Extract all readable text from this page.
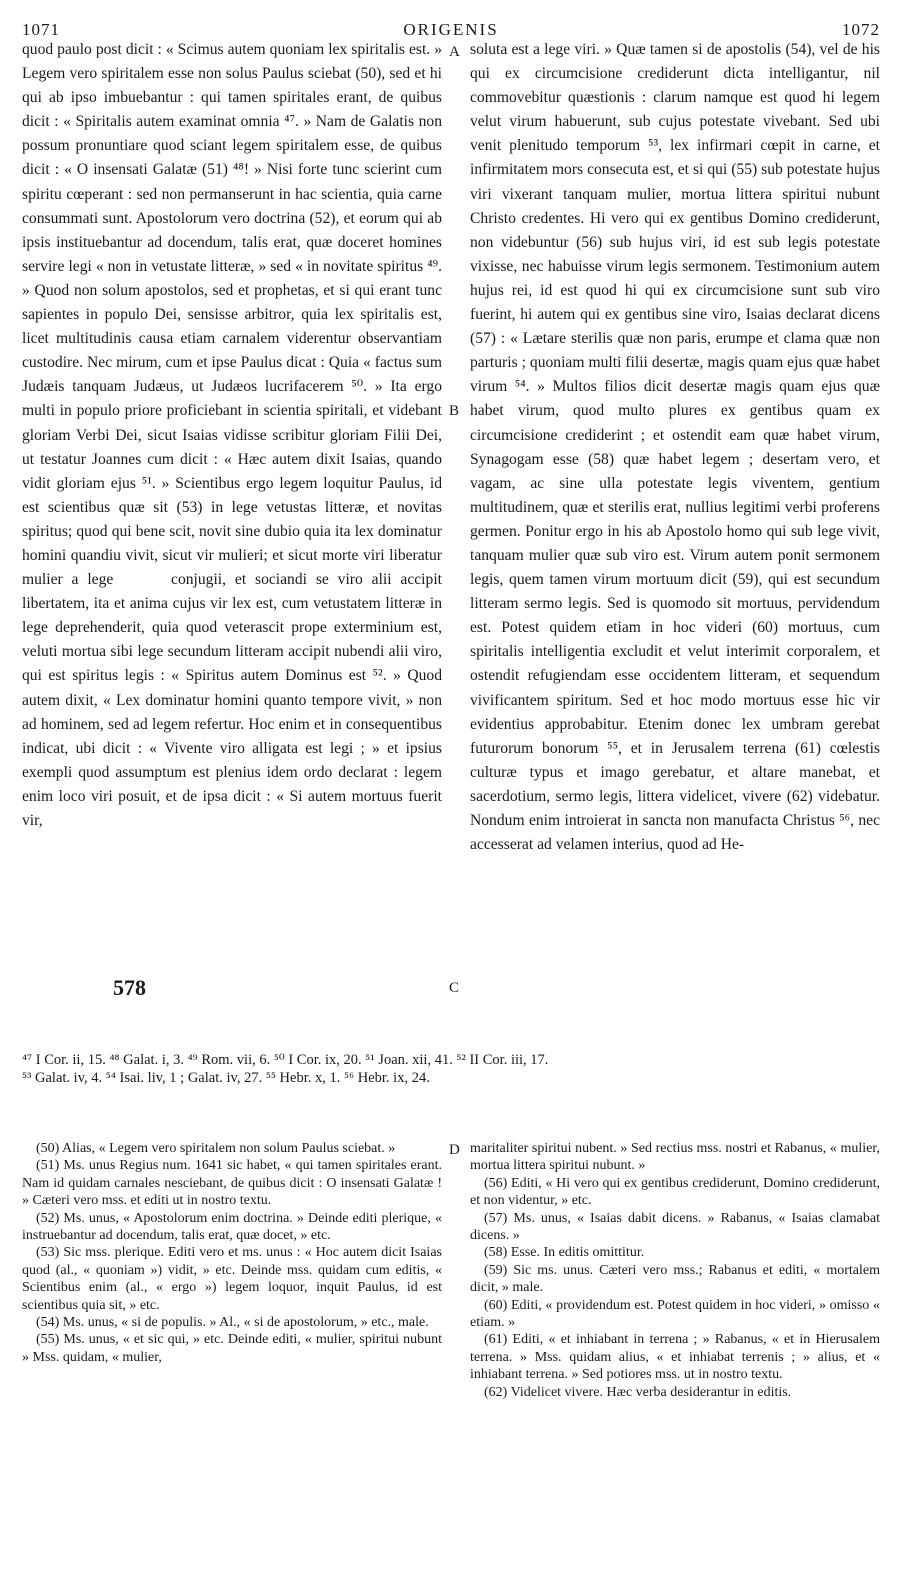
1071	ORIGENIS	1072
quod paulo post dicit : « Scimus autem quoniam lex spiritalis est. » Legem vero spiritalem esse non solus Paulus sciebat (50), sed et hi qui ab ipso imbuebantur : qui tamen spiritales erant, de quibus dicit : « Spiritalis autem examinat omnia ⁴⁷. » Nam de Galatis non possum pronuntiare quod sciant legem spiritalem esse, de quibus dicit : « O insensati Galatæ (51) ⁴⁸! » Nisi forte tunc scierint cum spiritu cœperant : sed non permanserunt in hac scientia, quia carne consummati sunt. Apostolorum vero doctrina (52), et eorum qui ab ipsis instituebantur ad docendum, talis erat, quæ doceret homines servire legi « non in vetustate litteræ, » sed « in novitate spiritus ⁴⁹. » Quod non solum apostolos, sed et prophetas, et si qui erant tunc sapientes in populo Dei, sensisse arbitror, quia lex spiritalis est, licet multitudinis causa etiam carnalem viderentur observantiam custodire. Nec mirum, cum et ipse Paulus dicat : Quia « factus sum Judæis tanquam Judæus, ut Judæos lucrifacerem ⁵⁰. » Ita ergo multi in populo priore proficiebant in scientia spiritali, et videbant gloriam Verbi Dei, sicut Isaias vidisse scribitur gloriam Filii Dei, ut testatur Joannes cum dicit : « Hæc autem dixit Isaias, quando vidit gloriam ejus ⁵¹. » Scientibus ergo legem loquitur Paulus, id est scientibus quæ sit (53) in lege vetustas litteræ, et novitas spiritus; quod qui bene scit, novit sine dubio quia ita lex dominatur homini quandiu vivit, sicut vir mulieri; et sicut morte viri liberatur mulier a lege	conjugii, et sociandi se viro alii accipit libertatem, ita et anima cujus vir lex est, cum vetustatem litteræ in lege deprehenderit, quia quod veterascit prope exterminium est, veluti mortua sibi lege secundum litteram accipit nubendi alii viro, qui est spiritus legis : « Spiritus autem Dominus est ⁵². » Quod autem dixit, « Lex dominatur homini quanto tempore vivit, » non ad hominem, sed ad legem refertur. Hoc enim et in consequentibus indicat, ubi dicit : « Vivente viro alligata est legi ; » et ipsius exempli quod assumptum est plenius idem ordo declarat : legem enim loco viri posuit, et de ipsa dicit : « Si autem mortuus fuerit vir,
578
soluta est a lege viri. » Quæ tamen si de apostolis (54), vel de his qui ex circumcisione crediderunt dicta intelligantur, nil commovebitur quæstionis : clarum namque est quod hi legem velut virum habuerunt, sub cujus potestate vivebant. Sed ubi venit plenitudo temporum ⁵³, lex infirmari cœpit in carne, et infirmitatem mors consecuta est, et si qui (55) sub potestate hujus viri vixerant tanquam mulier, mortua littera spiritui nubunt Christo credentes. Hi vero qui ex gentibus Domino crediderunt, non videbuntur (56) sub hujus viri, id est sub legis potestate vixisse, nec habuisse virum legis sermonem. Testimonium autem hujus rei, id est quod hi qui ex circumcisione sunt sub viro fuerint, hi autem qui ex gentibus sine viro, Isaias declarat dicens (57) : « Lætare sterilis quæ non paris, erumpe et clama quæ non parturis ; quoniam multi filii desertæ, magis quam ejus quæ habet virum ⁵⁴. » Multos filios dicit desertæ magis quam ejus quæ habet virum, quod multo plures ex gentibus quam ex circumcisione crediderint ; et ostendit eam quæ habet virum, Synagogam esse (58) quæ habet legem ; desertam vero, et vagam, ac sine ulla potestate legis viventem, gentium multitudinem, quæ et sterilis erat, nullius legitimi verbi proferens germen. Ponitur ergo in his ab Apostolo homo qui sub lege vivit, tanquam mulier quæ sub viro est. Virum autem ponit sermonem legis, quem tamen virum mortuum dicit (59), qui est secundum litteram sermo legis. Sed is quomodo sit mortuus, pervidendum est. Potest quidem etiam in hoc videri (60) mortuus, cum spiritalis intelligentia excludit et velut interimit corporalem, et ostendit refugiendam esse occidentem litteram, et sequendum vivificantem spiritum. Sed et hoc modo mortuus esse hic vir evidentius approbabitur. Etenim donec lex umbram gerebat futurorum bonorum ⁵⁵, et in Jerusalem terrena (61) cœlestis culturæ typus et imago gerebatur, et altare manebat, et sacerdotium, sermo legis, littera videlicet, vivere (62) videbatur. Nondum enim introierat in sancta non manufacta Christus ⁵⁶, nec accesserat ad velamen interius, quod ad He-
A
B
C
D
⁴⁷ I Cor. ii, 15. ⁴⁸ Galat. i, 3. ⁴⁹ Rom. vii, 6. ⁵⁰ I Cor. ix, 20. ⁵¹ Joan. xii, 41. ⁵² II Cor. iii, 17.
⁵³ Galat. iv, 4. ⁵⁴ Isai. liv, 1 ; Galat. iv, 27. ⁵⁵ Hebr. x, 1. ⁵⁶ Hebr. ix, 24.

(50) Alias, « Legem vero spiritalem non solum Paulus sciebat. »

(51) Ms. unus Regius num. 1641 sic habet, « qui tamen spiritales erant. Nam id quidam carnales nesciebant, de quibus dicit : O insensati Galatæ ! » Cæteri vero mss. et editi ut in nostro textu.

(52) Ms. unus, « Apostolorum enim doctrina. » Deinde editi plerique, « instruebantur ad docendum, talis erat, quæ docet, » etc.

(53) Sic mss. plerique. Editi vero et ms. unus : « Hoc autem dicit Isaias quod (al., « quoniam ») vidit, » etc. Deinde mss. quidam cum editis, « Scientibus enim (al., « ergo ») legem loquor, inquit Paulus, id est scientibus quia sit, » etc.

(54) Ms. unus, « si de populis. » Al., « si de apostolorum, » etc., male.

(55) Ms. unus, « et sic qui, » etc. Deinde editi, « mulier, spiritui nubunt » Mss. quidam, « mulier,

maritaliter spiritui nubent. » Sed rectius mss. nostri et Rabanus, « mulier, mortua littera spiritui nubunt. »

(56) Editi, « Hi vero qui ex gentibus crediderunt, Domino crediderunt, et non videntur, » etc.

(57) Ms. unus, « Isaias dabit dicens. » Rabanus, « Isaias clamabat dicens. »

(58) Esse. In editis omittitur.

(59) Sic ms. unus. Cæteri vero mss.; Rabanus et editi, « mortalem dicit, » male.

(60) Editi, « providendum est. Potest quidem in hoc videri, » omisso « etiam. »

(61) Editi, « et inhiabant in terrena ; » Rabanus, « et in Hierusalem terrena. » Mss. quidam alius, « et inhiabat terrenis ; » alius, et « inhiabant terrena. » Sed potiores mss. ut in nostro textu.

(62) Videlicet vivere. Hæc verba desiderantur in editis.
